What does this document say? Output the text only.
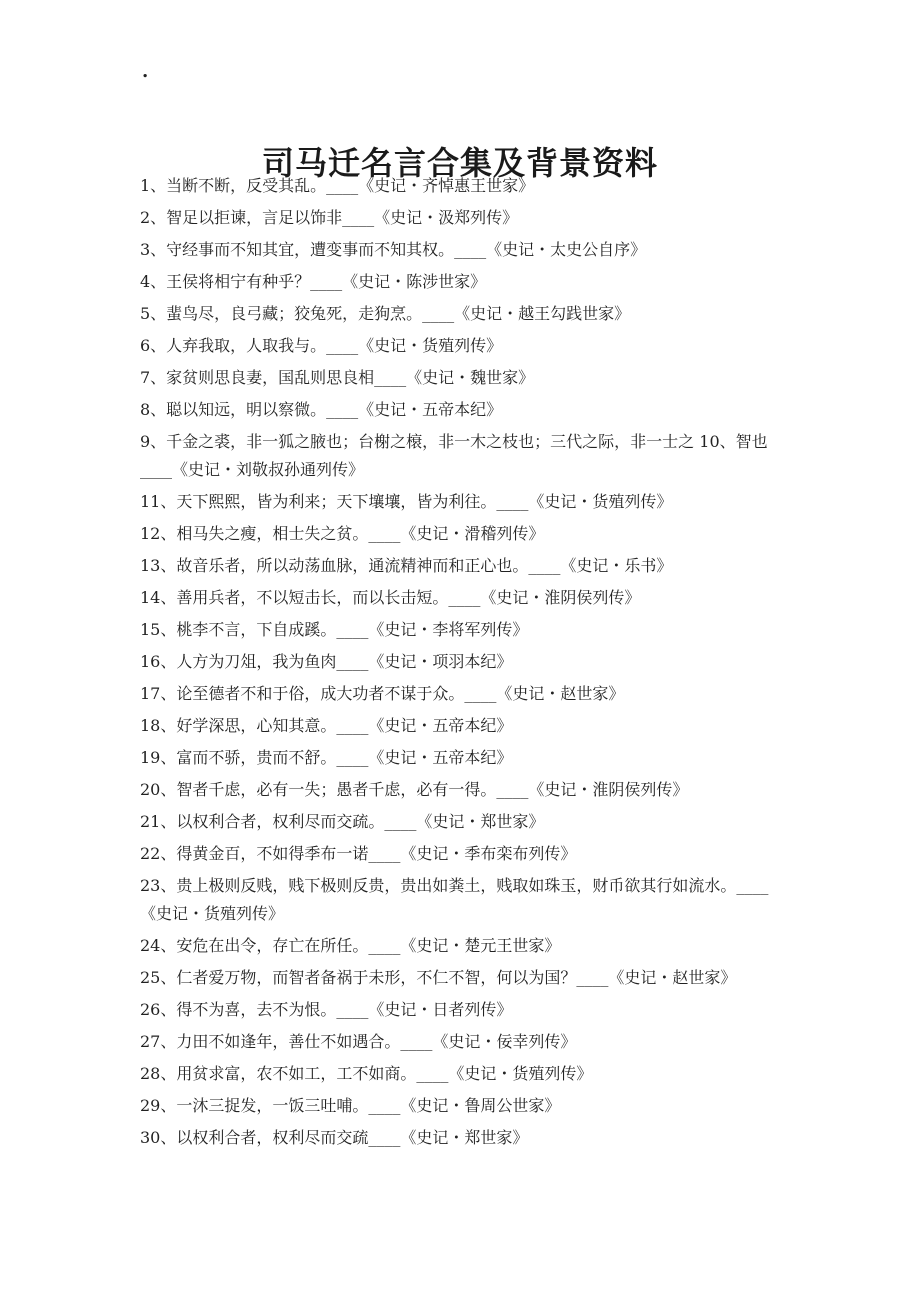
.
司马迁名言合集及背景资料
1、当断不断，反受其乱。____《史记・齐悼惠王世家》
2、智足以拒谏，言足以饰非____《史记・汲郑列传》
3、守经事而不知其宜，遭变事而不知其权。____《史记・太史公自序》
4、王侯将相宁有种乎？____《史记・陈涉世家》
5、蜚鸟尽，良弓藏；狡兔死，走狗烹。____《史记・越王勾践世家》
6、人弃我取，人取我与。____《史记・货殖列传》
7、家贫则思良妻，国乱则思良相____《史记・魏世家》
8、聪以知远，明以察微。____《史记・五帝本纪》
9、千金之裘，非一狐之腋也；台榭之榱，非一木之枝也；三代之际，非一士之 10、智也____《史记・刘敬叔孙通列传》
11、天下熙熙，皆为利来；天下壤壤，皆为利往。____《史记・货殖列传》
12、相马失之瘦，相士失之贫。____《史记・滑稽列传》
13、故音乐者，所以动荡血脉，通流精神而和正心也。____《史记・乐书》
14、善用兵者，不以短击长，而以长击短。____《史记・淮阴侯列传》
15、桃李不言，下自成蹊。____《史记・李将军列传》
16、人方为刀俎，我为鱼肉____《史记・项羽本纪》
17、论至德者不和于俗，成大功者不谋于众。____《史记・赵世家》
18、好学深思，心知其意。____《史记・五帝本纪》
19、富而不骄，贵而不舒。____《史记・五帝本纪》
20、智者千虑，必有一失；愚者千虑，必有一得。____《史记・淮阴侯列传》
21、以权利合者，权利尽而交疏。____《史记・郑世家》
22、得黄金百，不如得季布一诺____《史记・季布栾布列传》
23、贵上极则反贱，贱下极则反贵，贵出如粪土，贱取如珠玉，财币欲其行如流水。____《史记・货殖列传》
24、安危在出令，存亡在所任。____《史记・楚元王世家》
25、仁者爱万物，而智者备祸于未形，不仁不智，何以为国？____《史记・赵世家》
26、得不为喜，去不为恨。____《史记・日者列传》
27、力田不如逢年，善仕不如遇合。____《史记・佞幸列传》
28、用贫求富，农不如工，工不如商。____《史记・货殖列传》
29、一沐三捉发，一饭三吐哺。____《史记・鲁周公世家》
30、以权利合者，权利尽而交疏____《史记・郑世家》
